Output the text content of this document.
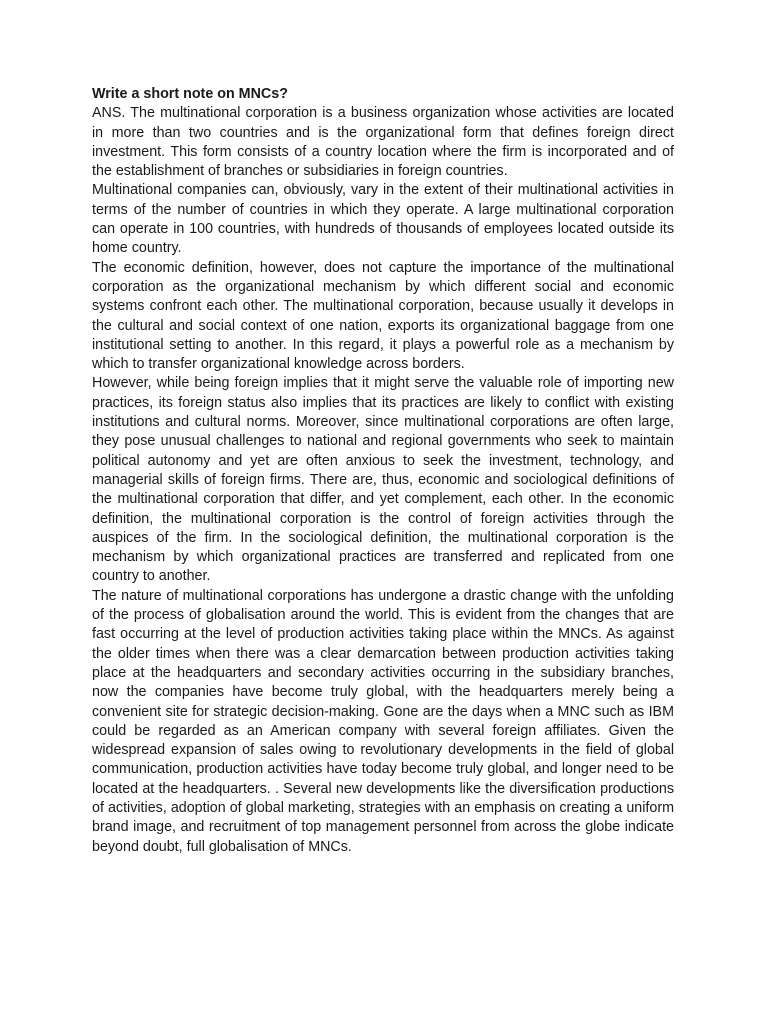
Write a short note on MNCs?

ANS. The multinational corporation is a business organization whose activities are located in more than two countries and is the organizational form that defines foreign direct investment. This form consists of a country location where the firm is incorporated and of the establishment of branches or subsidiaries in foreign countries.

Multinational companies can, obviously, vary in the extent of their multinational activities in terms of the number of countries in which they operate. A large multinational corporation can operate in 100 countries, with hundreds of thousands of employees located outside its home country.

The economic definition, however, does not capture the importance of the multinational corporation as the organizational mechanism by which different social and economic systems confront each other. The multinational corporation, because usually it develops in the cultural and social context of one nation, exports its organizational baggage from one institutional setting to another. In this regard, it plays a powerful role as a mechanism by which to transfer organizational knowledge across borders.

However, while being foreign implies that it might serve the valuable role of importing new practices, its foreign status also implies that its practices are likely to conflict with existing institutions and cultural norms. Moreover, since multinational corporations are often large, they pose unusual challenges to national and regional governments who seek to maintain political autonomy and yet are often anxious to seek the investment, technology, and managerial skills of foreign firms. There are, thus, economic and sociological definitions of the multinational corporation that differ, and yet complement, each other. In the economic definition, the multinational corporation is the control of foreign activities through the auspices of the firm. In the sociological definition, the multinational corporation is the mechanism by which organizational practices are transferred and replicated from one country to another.

The nature of multinational corporations has undergone a drastic change with the unfolding of the process of globalisation around the world. This is evident from the changes that are fast occurring at the level of production activities taking place within the MNCs. As against the older times when there was a clear demarcation between production activities taking place at the headquarters and secondary activities occurring in the subsidiary branches, now the companies have become truly global, with the headquarters merely being a convenient site for strategic decision-making. Gone are the days when a MNC such as IBM could be regarded as an American company with several foreign affiliates. Given the widespread expansion of sales owing to revolutionary developments in the field of global communication, production activities have today become truly global, and longer need to be located at the headquarters. . Several new developments like the diversification productions of activities, adoption of global marketing, strategies with an emphasis on creating a uniform brand image, and recruitment of top management personnel from across the globe indicate beyond doubt, full globalisation of MNCs.
